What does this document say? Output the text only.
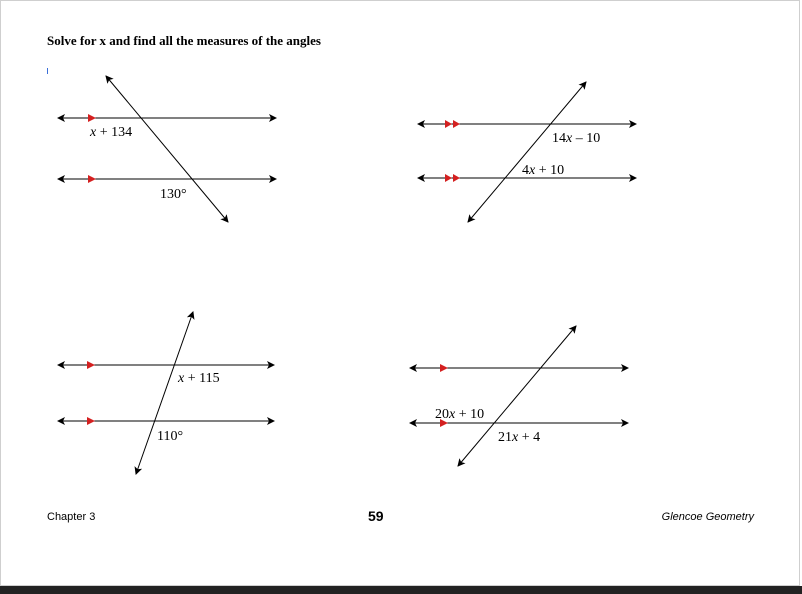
Solve for x and find all the measures of the angles
x + 134
130°
14x – 10
4x + 10
x + 115
110°
20x + 10
21x + 4
Chapter 3	59	Glencoe Geometry
